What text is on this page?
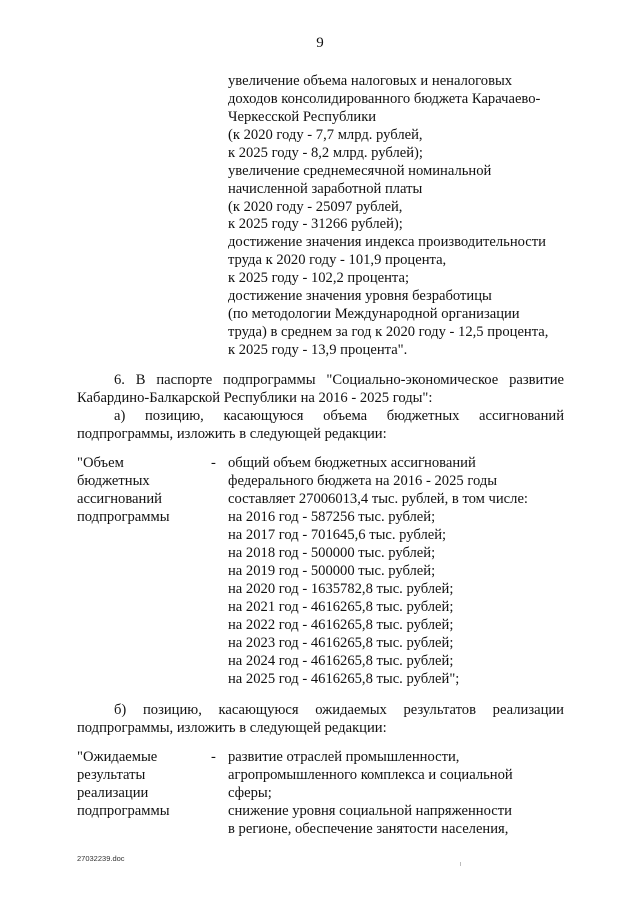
9
увеличение объема налоговых и неналоговых
доходов консолидированного бюджета Карачаево-
Черкесской Республики
(к 2020 году - 7,7 млрд. рублей,
к 2025 году - 8,2 млрд. рублей);
увеличение среднемесячной номинальной
начисленной заработной платы
(к 2020 году - 25097 рублей,
к 2025 году - 31266 рублей);
достижение значения индекса производительности
труда к 2020 году - 101,9 процента,
к 2025 году - 102,2 процента;
достижение значения уровня безработицы
(по методологии Международной организации
труда) в среднем за год к 2020 году - 12,5 процента,
к 2025 году - 13,9 процента".
6. В паспорте подпрограммы "Социально-экономическое развитие
Кабардино-Балкарской Республики на 2016 - 2025 годы":
а) позицию, касающуюся объема бюджетных ассигнований
подпрограммы, изложить в следующей редакции:
"Объем
бюджетных
ассигнований
подпрограммы
- общий объем бюджетных ассигнований
федерального бюджета на 2016 - 2025 годы
составляет 27006013,4 тыс. рублей, в том числе:
на 2016 год - 587256 тыс. рублей;
на 2017 год - 701645,6 тыс. рублей;
на 2018 год - 500000 тыс. рублей;
на 2019 год - 500000 тыс. рублей;
на 2020 год - 1635782,8 тыс. рублей;
на 2021 год - 4616265,8 тыс. рублей;
на 2022 год - 4616265,8 тыс. рублей;
на 2023 год - 4616265,8 тыс. рублей;
на 2024 год - 4616265,8 тыс. рублей;
на 2025 год - 4616265,8 тыс. рублей";
б) позицию, касающуюся ожидаемых результатов реализации
подпрограммы, изложить в следующей редакции:
"Ожидаемые
результаты
реализации
подпрограммы
- развитие отраслей промышленности,
агропромышленного комплекса и социальной
сферы;
снижение уровня социальной напряженности
в регионе, обеспечение занятости населения,
27032239.doc
